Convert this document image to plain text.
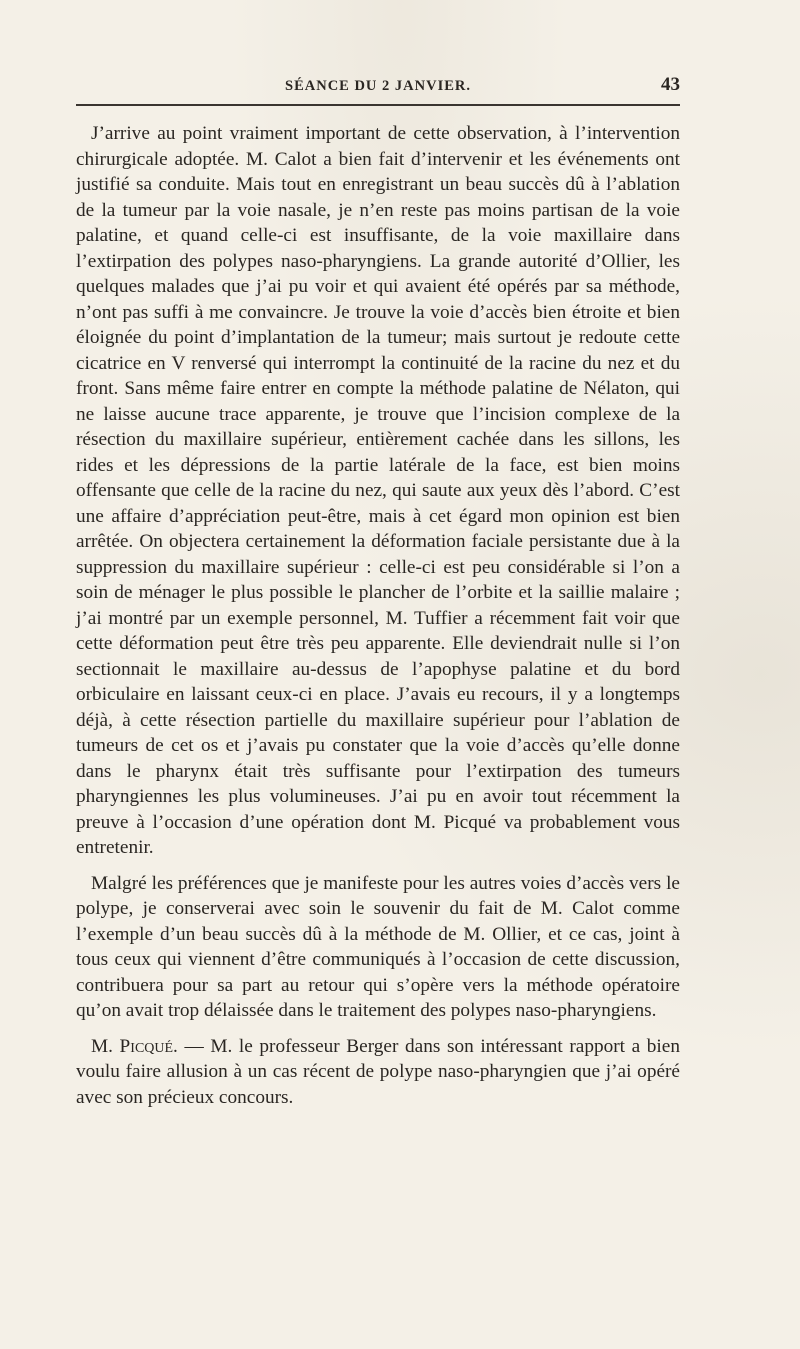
SÉANCE DU 2 JANVIER.	43

J’arrive au point vraiment important de cette observation, à l’intervention chirurgicale adoptée. M. Calot a bien fait d’intervenir et les événements ont justifié sa conduite. Mais tout en enregistrant un beau succès dû à l’ablation de la tumeur par la voie nasale, je n’en reste pas moins partisan de la voie palatine, et quand celle-ci est insuffisante, de la voie maxillaire dans l’extirpation des polypes naso-pharyngiens. La grande autorité d’Ollier, les quelques malades que j’ai pu voir et qui avaient été opérés par sa méthode, n’ont pas suffi à me convaincre. Je trouve la voie d’accès bien étroite et bien éloignée du point d’implantation de la tumeur; mais surtout je redoute cette cicatrice en V renversé qui interrompt la continuité de la racine du nez et du front. Sans même faire entrer en compte la méthode palatine de Nélaton, qui ne laisse aucune trace apparente, je trouve que l’incision complexe de la résection du maxillaire supérieur, entièrement cachée dans les sillons, les rides et les dépressions de la partie latérale de la face, est bien moins offensante que celle de la racine du nez, qui saute aux yeux dès l’abord. C’est une affaire d’appréciation peut-être, mais à cet égard mon opinion est bien arrêtée. On objectera certainement la déformation faciale persistante due à la suppression du maxillaire supérieur : celle-ci est peu considérable si l’on a soin de ménager le plus possible le plancher de l’orbite et la saillie malaire ; j’ai montré par un exemple personnel, M. Tuffier a récemment fait voir que cette déformation peut être très peu apparente. Elle deviendrait nulle si l’on sectionnait le maxillaire au-dessus de l’apophyse palatine et du bord orbiculaire en laissant ceux-ci en place. J’avais eu recours, il y a longtemps déjà, à cette résection partielle du maxillaire supérieur pour l’ablation de tumeurs de cet os et j’avais pu constater que la voie d’accès qu’elle donne dans le pharynx était très suffisante pour l’extirpation des tumeurs pharyngiennes les plus volumineuses. J’ai pu en avoir tout récemment la preuve à l’occasion d’une opération dont M. Picqué va probablement vous entretenir.

Malgré les préférences que je manifeste pour les autres voies d’accès vers le polype, je conserverai avec soin le souvenir du fait de M. Calot comme l’exemple d’un beau succès dû à la méthode de M. Ollier, et ce cas, joint à tous ceux qui viennent d’être communiqués à l’occasion de cette discussion, contribuera pour sa part au retour qui s’opère vers la méthode opératoire qu’on avait trop délaissée dans le traitement des polypes naso-pharyngiens.

M. Picqué. — M. le professeur Berger dans son intéressant rapport a bien voulu faire allusion à un cas récent de polype naso-pharyngien que j’ai opéré avec son précieux concours.
